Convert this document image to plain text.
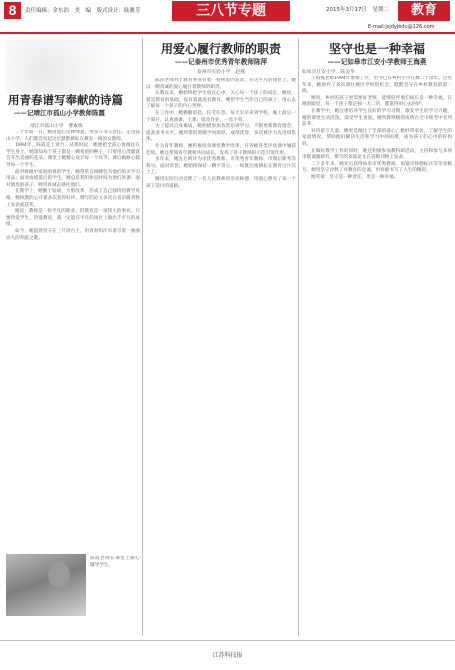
8	责任编辑：金东浩　美　编　版式设计：陆潍芳	三八节专题	2015年3月17日　星期二	教育
E-mail:jsjdyjedu@126.com
用青春谱写奉献的诗篇
——记靖江市孤山小学教师陈霞
靖江市孤山小学　曹素梅

二十年如一日，她用爱心诠释师爱，用坚守书写责任。走进孤山小学，人们都会说起这位默默耕耘在教育一线的女教师。

1994年，陈霞走上讲台，从那时起，她便把全部心血倾注在学生身上。她深知每个孩子都是一颗希望的种子，只要用心浇灌就会开出美丽的花朵。课堂上她精心设计每一个环节，课后她耐心辅导每一个学生。

面对班级中家庭困难的学生，她常常自掏腰包为他们购买学习用品；面对成绩落后的学生，她总是利用休息时间为他们补课；面对调皮的孩子，她用真诚去感化他们。

在教学上，她勤于钻研，大胆改革，形成了自己独特的教学风格。她执教的公开课多次获得好评，撰写的论文多次在省市级刊物上发表或获奖。

她说：教师是一份平凡的职业，但教育是一项伟大的事业。只要热爱学生、热爱教育，就一定能在平凡的岗位上做出不平凡的成绩。

如今，她依然坚守在三尺讲台上，用青春和汗水谱写着一曲曲动人的奉献之歌。

陈霞老师在课堂上耐心辅导学生。
用爱心履行教师的职责
——记泰州市优秀青年教师陈萍
泰州市实验小学　赵燕

陈萍老师对于教育事业有着一份执着的追求，在这平凡的岗位上，她以一颗真诚的爱心履行着教师的职责。

从教以来，她始终把学生放在心中，关心每一个孩子的成长。她说，爱是教育的基础，没有爱就没有教育。她把学生当作自己的孩子，用心去了解每一个孩子的内心世界。

在工作中，她勤勤恳恳，任劳任怨。每天早早来到学校，晚上最后一个离开。认真备课、上课、批改作业，一丝不苟。

为了提高自身素质，她积极参加各类培训学习，不断更新教育理念，提高业务水平。她所带的班级学风浓厚，成绩优异，多次被评为先进班集体。

作为青年教师，她积极投身课堂教学改革，在各级各类评优课中屡获佳绩。她还带领青年教师共同成长，发挥了骨干教师的示范引领作用。

多年来，她先后被评为市优秀教师、市优秀青年教师、市教坛新秀等称号。面对荣誉，她始终保持一颗平常心，一如既往地耕耘在教育这片沃土上。

她用实际行动诠释了一名人民教师的崇高师德，用爱心照亮了每一个孩子前行的道路。

坚守也是一种幸福
——记如皋市江安小学教师王海燕
如皋市江安小学　陆美华

王海燕老师1994年参加工作，至今已在乡村小学任教二十余年。这些年来，她放弃了多次调往城区学校的机会，默默坚守在乡村教育的第一线。

她说，乡村的孩子更需要好老师，能够陪伴他们成长是一种幸福。在她的眼里，每一个孩子都是独一无二的，都值得用心去呵护。

在教学中，她注重培养学生良好的学习习惯，激发学生的学习兴趣。她的课堂生动活泼，深受学生喜爱。她所教班级的成绩在全市统考中名列前茅。

对待留守儿童，她更是倾注了全部的爱心。她经常家访，了解学生的家庭情况，帮助他们解决生活和学习中的困难，成为孩子们心中的好妈妈。

在做好教学工作的同时，她还积极参加教科研活动，主持和参与多项市级课题研究，撰写的多篇论文在省级刊物上发表。

二十多年来，她先后获得如皋市优秀教师、南通市师德标兵等荣誉称号。她用坚守诠释了对教育的忠诚，用奉献书写了人生的精彩。

她常说：坚守是一种责任，更是一种幸福。

江苏科技报
